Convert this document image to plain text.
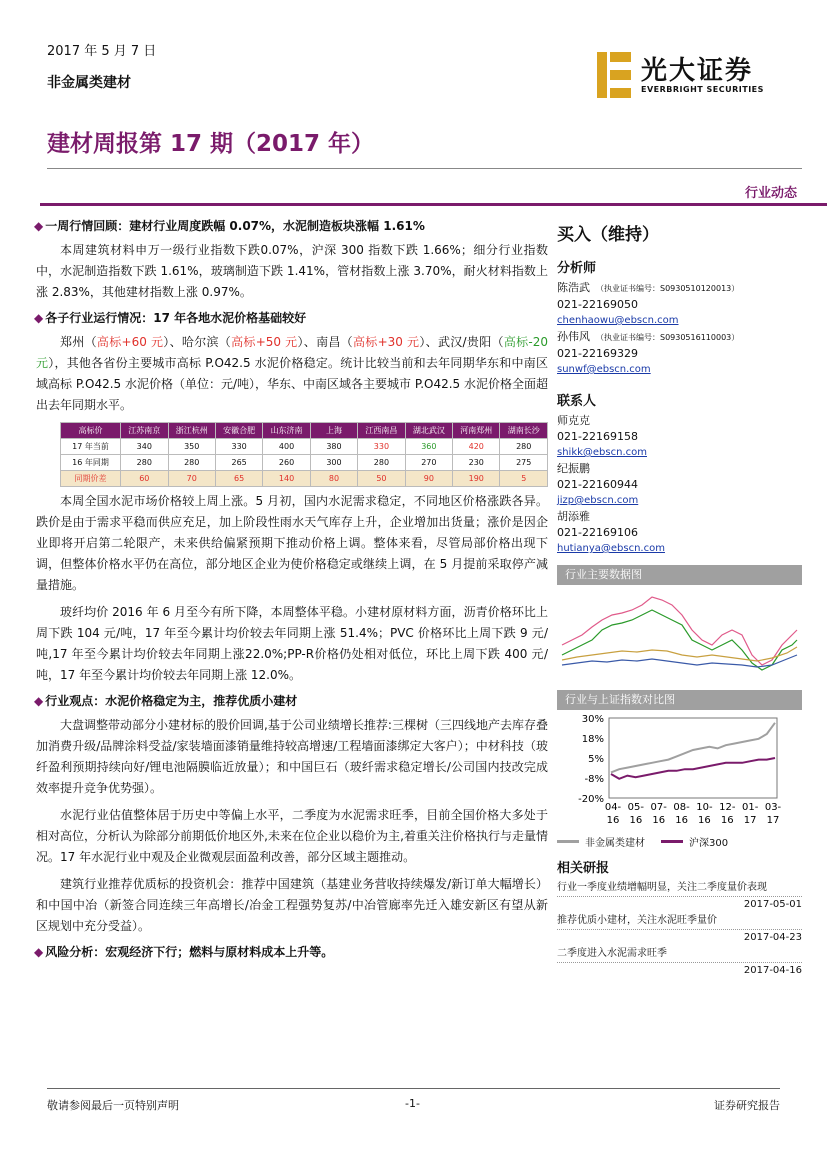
2017 年 5 月 7 日
非金属类建材	光大证券
EVERBRIGHT SECURITIES
建材周报第 17 期（2017 年）
行业动态
◆ 一周行情回顾：建材行业周度跌幅 0.07%，水泥制造板块涨幅 1.61%
本周建筑材料申万一级行业指数下跌0.07%，沪深 300 指数下跌 1.66%；细分行业指数中，水泥制造指数下跌 1.61%，玻璃制造下跌 1.41%，管材指数上涨 3.70%，耐火材料指数上涨 2.83%，其他建材指数上涨 0.97%。
◆ 各子行业运行情况：17 年各地水泥价格基础较好
郑州（高标+60 元）、哈尔滨（高标+50 元）、南昌（高标+30 元）、武汉/贵阳（高标-20 元），其他各省份主要城市高标 P.O42.5 水泥价格稳定。统计比较当前和去年同期华东和中南区域高标 P.O42.5 水泥价格（单位：元/吨），华东、中南区域各主要城市 P.O42.5 水泥价格全面超出去年同期水平。
高标价	江苏南京	浙江杭州	安徽合肥	山东济南	上海	江西南昌	湖北武汉	河南郑州	湖南长沙
17 年当前	340	350	330	400	380	330	360	420	280
16 年同期	280	280	265	260	300	280	270	230	275
同期价差	60	70	65	140	80	50	90	190	5
本周全国水泥市场价格较上周上涨。5 月初，国内水泥需求稳定，不同地区价格涨跌各异。跌价是由于需求平稳而供应充足，加上阶段性雨水天气库存上升，企业增加出货量；涨价是因企业即将开启第二轮限产，未来供给偏紧预期下推动价格上调。整体来看，尽管局部价格出现下调，但整体价格水平仍在高位，部分地区企业为使价格稳定或继续上调，在 5 月提前采取停产减量措施。
玻纤均价 2016 年 6 月至今有所下降，本周整体平稳。小建材原材料方面，沥青价格环比上周下跌 104 元/吨，17 年至今累计均价较去年同期上涨 51.4%；PVC 价格环比上周下跌 9 元/吨,17 年至今累计均价较去年同期上涨22.0%;PP-R价格仍处相对低位，环比上周下跌 400 元/吨，17 年至今累计均价较去年同期上涨 12.0%。
◆ 行业观点：水泥价格稳定为主，推荐优质小建材
大盘调整带动部分小建材标的股价回调,基于公司业绩增长推荐:三棵树（三四线地产去库存叠加消费升级/品牌涂料受益/家装墙面漆销量维持较高增速/工程墙面漆绑定大客户）；中材科技（玻纤盈利预期持续向好/锂电池隔膜临近放量）；和中国巨石（玻纤需求稳定增长/公司国内技改完成效率提升竞争优势强）。
水泥行业估值整体居于历史中等偏上水平，二季度为水泥需求旺季，目前全国价格大多处于相对高位，分析认为除部分前期低价地区外,未来在位企业以稳价为主,着重关注价格执行与走量情况。17 年水泥行业中观及企业微观层面盈利改善，部分区域主题推动。
建筑行业推荐优质标的投资机会：推荐中国建筑（基建业务营收持续爆发/新订单大幅增长）和中国中冶（新签合同连续三年高增长/冶金工程强势复苏/中冶管廊率先迁入雄安新区有望从新区规划中充分受益）。
◆ 风险分析：宏观经济下行；燃料与原材料成本上升等。
买入（维持）
分析师
陈浩武 （执业证书编号：S0930510120013）
021-22169050
chenhaowu@ebscn.com
孙伟风 （执业证书编号：S0930516110003）
021-22169329
sunwf@ebscn.com
联系人
师克克
021-22169158
shikk@ebscn.com
纪振鹏
021-22160944
jizp@ebscn.com
胡添雅
021-22169106
hutianya@ebscn.com
行业主要数据图
行业与上证指数对比图
30%
18%
5%
-8%
-20%
04-
16
05-
16
07-
16
08-
16
10-
16
12-
16
01-
17
03-
17
非金属类建材	沪深300
相关研报
行业一季度业绩增幅明显，关注二季度量价表现
2017-05-01
推荐优质小建材，关注水泥旺季量价
2017-04-23
二季度进入水泥需求旺季
2017-04-16
敬请参阅最后一页特别声明	-1-	证券研究报告
